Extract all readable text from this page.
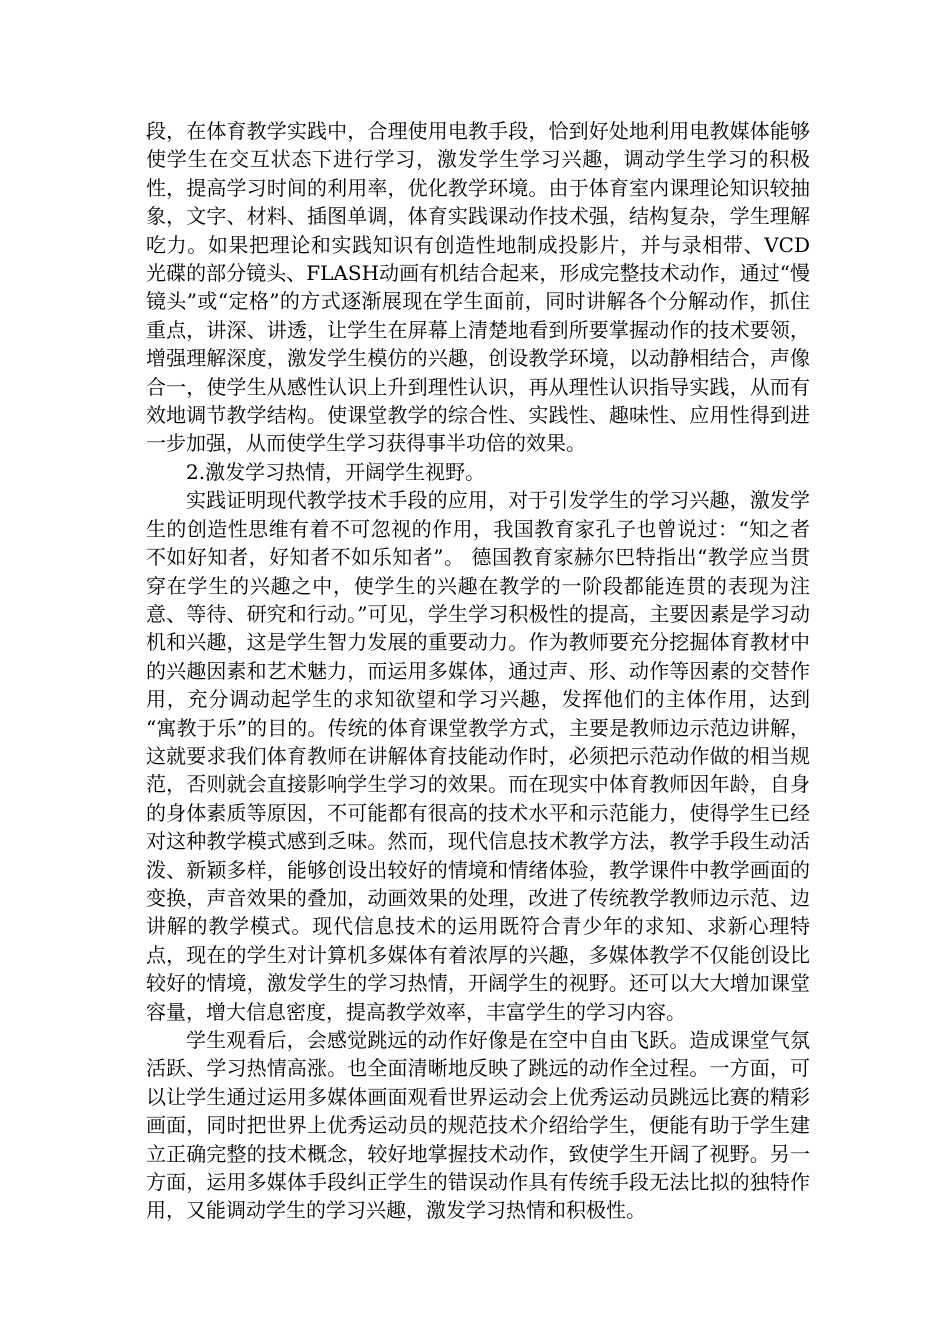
段，在体育教学实践中，合理使用电教手段，恰到好处地利用电教媒体能够使学生在交互状态下进行学习，激发学生学习兴趣，调动学生学习的积极性，提高学习时间的利用率，优化教学环境。由于体育室内课理论知识较抽象，文字、材料、插图单调，体育实践课动作技术强，结构复杂，学生理解吃力。如果把理论和实践知识有创造性地制成投影片，并与录相带、VCD光碟的部分镜头、FLASH动画有机结合起来，形成完整技术动作，通过“慢镜头”或“定格”的方式逐渐展现在学生面前，同时讲解各个分解动作，抓住重点，讲深、讲透，让学生在屏幕上清楚地看到所要掌握动作的技术要领，增强理解深度，激发学生模仿的兴趣，创设教学环境，以动静相结合，声像合一，使学生从感性认识上升到理性认识，再从理性认识指导实践，从而有效地调节教学结构。使课堂教学的综合性、实践性、趣味性、应用性得到进一步加强，从而使学生学习获得事半功倍的效果。

2.激发学习热情，开阔学生视野。

实践证明现代教学技术手段的应用，对于引发学生的学习兴趣，激发学生的创造性思维有着不可忽视的作用，我国教育家孔子也曾说过：“知之者不如好知者，好知者不如乐知者”。 德国教育家赫尔巴特指出“教学应当贯穿在学生的兴趣之中，使学生的兴趣在教学的一阶段都能连贯的表现为注意、等待、研究和行动。”可见，学生学习积极性的提高，主要因素是学习动机和兴趣，这是学生智力发展的重要动力。作为教师要充分挖掘体育教材中的兴趣因素和艺术魅力，而运用多媒体，通过声、形、动作等因素的交替作用，充分调动起学生的求知欲望和学习兴趣，发挥他们的主体作用，达到 “寓教于乐”的目的。传统的体育课堂教学方式，主要是教师边示范边讲解，这就要求我们体育教师在讲解体育技能动作时，必须把示范动作做的相当规范，否则就会直接影响学生学习的效果。而在现实中体育教师因年龄，自身的身体素质等原因，不可能都有很高的技术水平和示范能力，使得学生已经对这种教学模式感到乏味。然而，现代信息技术教学方法，教学手段生动活泼、新颖多样，能够创设出较好的情境和情绪体验，教学课件中教学画面的变换，声音效果的叠加，动画效果的处理，改进了传统教学教师边示范、边讲解的教学模式。现代信息技术的运用既符合青少年的求知、求新心理特点，现在的学生对计算机多媒体有着浓厚的兴趣，多媒体教学不仅能创设比较好的情境，激发学生的学习热情，开阔学生的视野。还可以大大增加课堂容量，增大信息密度，提高教学效率，丰富学生的学习内容。

学生观看后，会感觉跳远的动作好像是在空中自由飞跃。造成课堂气氛活跃、学习热情高涨。也全面清晰地反映了跳远的动作全过程。一方面，可以让学生通过运用多媒体画面观看世界运动会上优秀运动员跳远比赛的精彩画面，同时把世界上优秀运动员的规范技术介绍给学生，便能有助于学生建立正确完整的技术概念，较好地掌握技术动作，致使学生开阔了视野。另一方面，运用多媒体手段纠正学生的错误动作具有传统手段无法比拟的独特作用，又能调动学生的学习兴趣，激发学习热情和积极性。
